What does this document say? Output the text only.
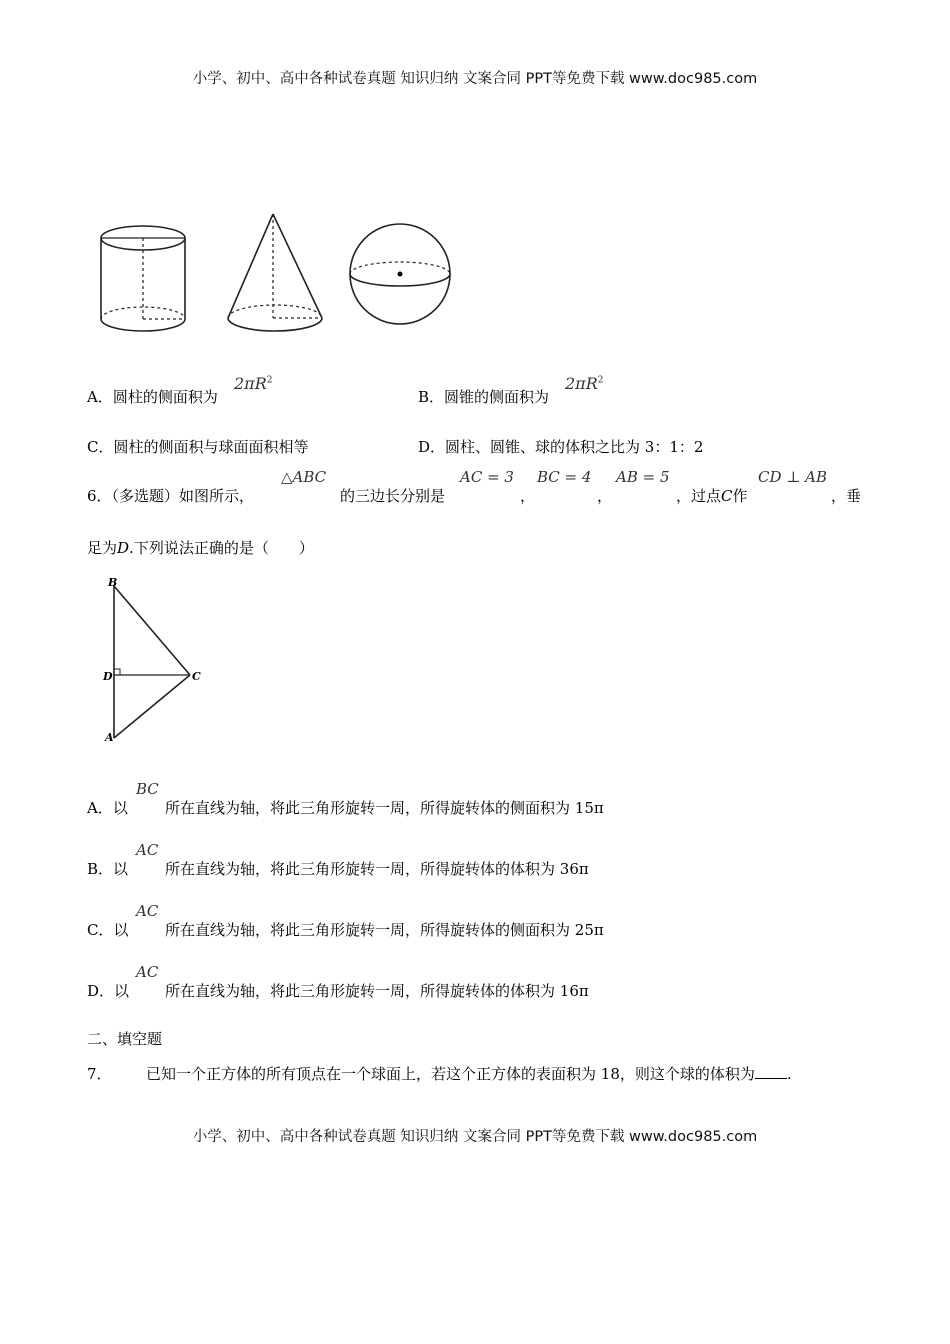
小学、初中、高中各种试卷真题 知识归纳 文案合同 PPT等免费下载 www.doc985.com
A．圆柱的侧面积为
$2\pi R^2$
B．圆锥的侧面积为
$2\pi R^2$
C．圆柱的侧面积与球面面积相等	D．圆柱、圆锥、球的体积之比为 3：1：2
6．（多选题）如图所示，
△ABC
的三边长分别是
AC = 3
，
BC = 4
，
AB = 5
，过点C作
CD ⊥ AB
，垂
足为D.下列说法正确的是（　　）
B
D	C
A
A．以
BC
所在直线为轴，将此三角形旋转一周，所得旋转体的侧面积为 15π
B．以
AC
所在直线为轴，将此三角形旋转一周，所得旋转体的体积为 36π
C．以
AC
所在直线为轴，将此三角形旋转一周，所得旋转体的侧面积为 25π
D．以
AC
所在直线为轴，将此三角形旋转一周，所得旋转体的体积为 16π
二、填空题
7． 已知一个正方体的所有顶点在一个球面上，若这个正方体的表面积为 18，则这个球的体积为 .
小学、初中、高中各种试卷真题 知识归纳 文案合同 PPT等免费下载 www.doc985.com
